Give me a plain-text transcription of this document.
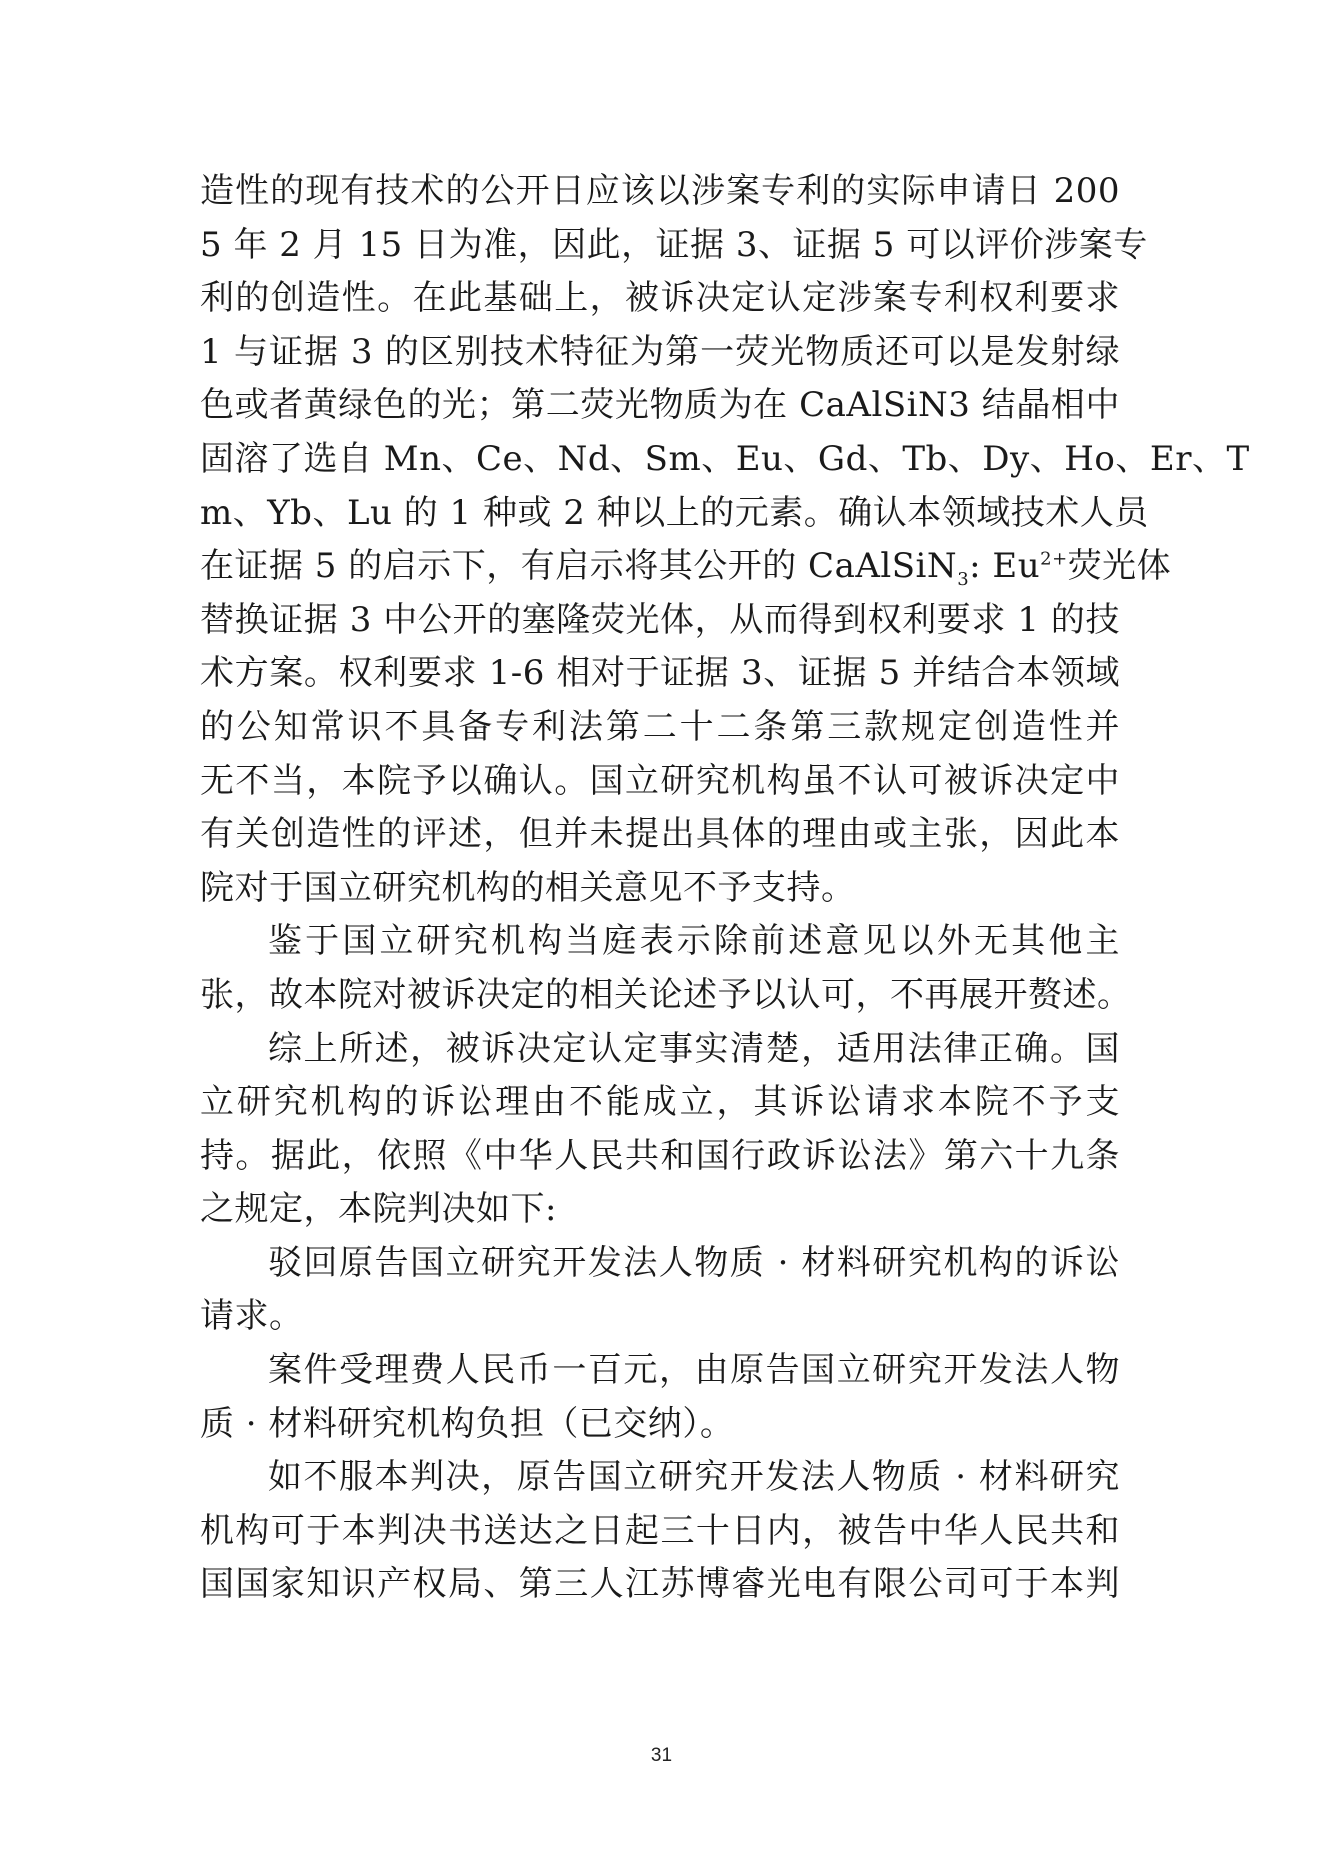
造性的现有技术的公开日应该以涉案专利的实际申请日 200
5 年 2 月 15 日为准，因此，证据 3、证据 5 可以评价涉案专
利的创造性。在此基础上，被诉决定认定涉案专利权利要求
1 与证据 3 的区别技术特征为第一荧光物质还可以是发射绿
色或者黄绿色的光；第二荧光物质为在 CaAlSiN3 结晶相中
固溶了选自 Mn、Ce、Nd、Sm、Eu、Gd、Tb、Dy、Ho、Er、T
m、Yb、Lu 的 1 种或 2 种以上的元素。确认本领域技术人员
在证据 5 的启示下，有启示将其公开的 CaAlSiN$_3$: $Eu^{2+}$荧光体
替换证据 3 中公开的塞隆荧光体，从而得到权利要求 1 的技
术方案。权利要求 1-6 相对于证据 3、证据 5 并结合本领域
的公知常识不具备专利法第二十二条第三款规定创造性并
无不当，本院予以确认。国立研究机构虽不认可被诉决定中
有关创造性的评述，但并未提出具体的理由或主张，因此本
院对于国立研究机构的相关意见不予支持。
鉴于国立研究机构当庭表示除前述意见以外无其他主
张，故本院对被诉决定的相关论述予以认可，不再展开赘述。
综上所述，被诉决定认定事实清楚，适用法律正确。国
立研究机构的诉讼理由不能成立，其诉讼请求本院不予支
持。据此，依照《中华人民共和国行政诉讼法》第六十九条
之规定，本院判决如下:
驳回原告国立研究开发法人物质 · 材料研究机构的诉讼
请求。
案件受理费人民币一百元，由原告国立研究开发法人物
质 · 材料研究机构负担（已交纳）。
如不服本判决，原告国立研究开发法人物质 · 材料研究
机构可于本判决书送达之日起三十日内，被告中华人民共和
国国家知识产权局、第三人江苏博睿光电有限公司可于本判
31
